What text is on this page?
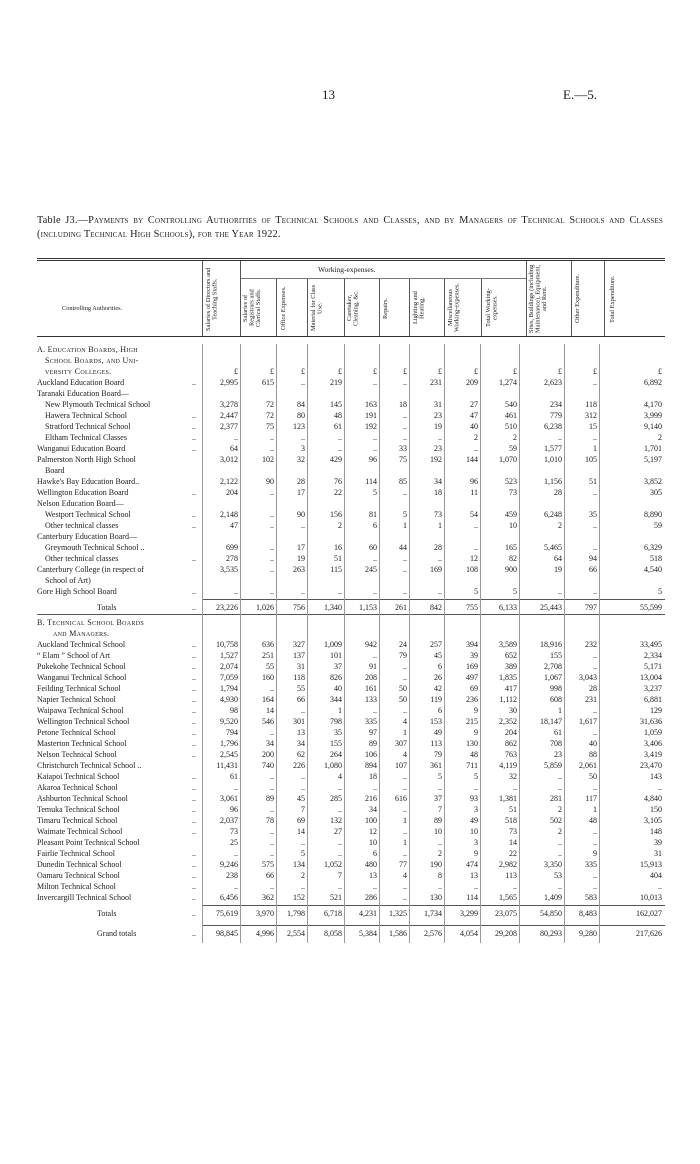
13	E.—5.
Table J3.—Payments by Controlling Authorities of Technical Schools and Classes, and by Managers of Technical Schools and Classes (including Technical High Schools), for the Year 1922.
Controlling Authorities.
Working-expenses.
Salaries of Directors and Teaching Staffs.	Salaries of Registrars and Clerical Staffs.	Office Expenses.	Material for Class Use.	Caretaker, Cleaning, &c.	Repairs.	Lighting and Heating.	Miscellaneous Working-expenses.	Total Working-expenses.	Sites, Buildings (including Maintenance), Equipment, and Rent.	Other Expenditure.	Total Expenditure.
A. Education Boards, High
School Boards, and Uni-
versity Colleges.	£	£	£	£	£	£	£	£	£	£	£	£
Auckland Education Board	..	2,995	615	..	219	..	..	231	209	1,274	2,623	..	6,892
Taranaki Education Board—
New Plymouth Technical School	3,278	72	84	145	163	18	31	27	540	234	118	4,170
Hawera Technical School	..	2,447	72	80	48	191	..	23	47	461	779	312	3,999
Stratford Technical School	..	2,377	75	123	61	192	..	19	40	510	6,238	15	9,140
Eltham Technical Classes	..	..	..	..	..	..	..	..	2	2	..	..	2
Wanganui Education Board	..	64	..	3	..	..	33	23	..	59	1,577	1	1,701
Palmerston North High School	3,012	102	32	429	96	75	192	144	1,070	1,010	105	5,197
Board
Hawke's Bay Education Board..	2,122	90	28	76	114	85	34	96	523	1,156	51	3,852
Wellington Education Board	..	204	..	17	22	5	..	18	11	73	28	..	305
Nelson Education Board—
Westport Technical School	..	2,148	..	90	156	81	5	73	54	459	6,248	35	8,890
Other technical classes	..	47	..	..	2	6	1	1	..	10	2	..	59
Canterbury Education Board—
Greymouth Technical School ..	699	..	17	16	60	44	28	..	165	5,465	..	6,329
Other technical classes	..	278	..	19	51	..	..	..	12	82	64	94	518
Canterbury College (in respect of	3,535	..	263	115	245	..	169	108	900	19	66	4,540
School of Art)
Gore High School Board	..	..	..	..	..	..	..	..	5	5	..	..	5
Totals	..	23,226	1,026	756	1,340	1,153	261	842	755	6,133	25,443	797	55,599
B. Technical School Boards
and Managers.
Auckland Technical School	..	10,758	636	327	1,009	942	24	257	394	3,589	18,916	232	33,495
“ Elam ” School of Art	..	1,527	251	137	101	..	79	45	39	652	155	..	2,334
Pukekohe Technical School	..	2,074	55	31	37	91	..	6	169	389	2,708	..	5,171
Wanganui Technical School	..	7,059	160	118	826	208	..	26	497	1,835	1,067	3,043	13,004
Feilding Technical School	..	1,794	..	55	40	161	50	42	69	417	998	28	3,237
Napier Technical School	..	4,930	164	66	344	133	50	119	236	1,112	608	231	6,881
Waipawa Technical School	..	98	14	..	1	..	..	6	9	30	1	..	129
Wellington Technical School	..	9,520	546	301	798	335	4	153	215	2,352	18,147	1,617	31,636
Petone Technical School	..	794	..	13	35	97	1	49	9	204	61	..	1,059
Masterton Technical School	..	1,796	34	34	155	89	307	113	130	862	708	40	3,406
Nelson Technical School	..	2,545	200	62	264	106	4	79	48	763	23	88	3,419
Christchurch Technical School ..	11,431	740	226	1,080	894	107	361	711	4,119	5,859	2,061	23,470
Kaiapoi Technical School	..	61	..	..	4	18	..	5	5	32	..	50	143
Akaroa Technical School	..	..	..	..	..	..	..	..	..	..	..	..	..
Ashburton Technical School	..	3,061	89	45	285	216	616	37	93	1,381	281	117	4,840
Temuka Technical School	..	96	..	7	..	34	..	7	3	51	2	1	150
Timaru Technical School	..	2,037	78	69	132	100	1	89	49	518	502	48	3,105
Waimate Technical School	..	73	..	14	27	12	..	10	10	73	2	..	148
Pleasant Point Technical School	25	..	..	..	10	1	..	3	14	..	..	39
Fairlie Technical School	..	..	..	5	..	6	..	2	9	22	..	9	31
Dunedin Technical School	..	9,246	575	134	1,052	480	77	190	474	2,982	3,350	335	15,913
Oamaru Technical School	..	238	66	2	7	13	4	8	13	113	53	..	404
Milton Technical School	..	..	..	..	..	..	..	..	..	..	..	..	..
Invercargill Technical School	..	6,456	362	152	521	286	..	130	114	1,565	1,409	583	10,013
Totals	..	75,619	3,970	1,798	6,718	4,231	1,325	1,734	3,299	23,075	54,850	8,483	162,027
Grand totals	..	98,845	4,996	2,554	8,058	5,384	1,586	2,576	4,054	29,208	80,293	9,280	217,626
